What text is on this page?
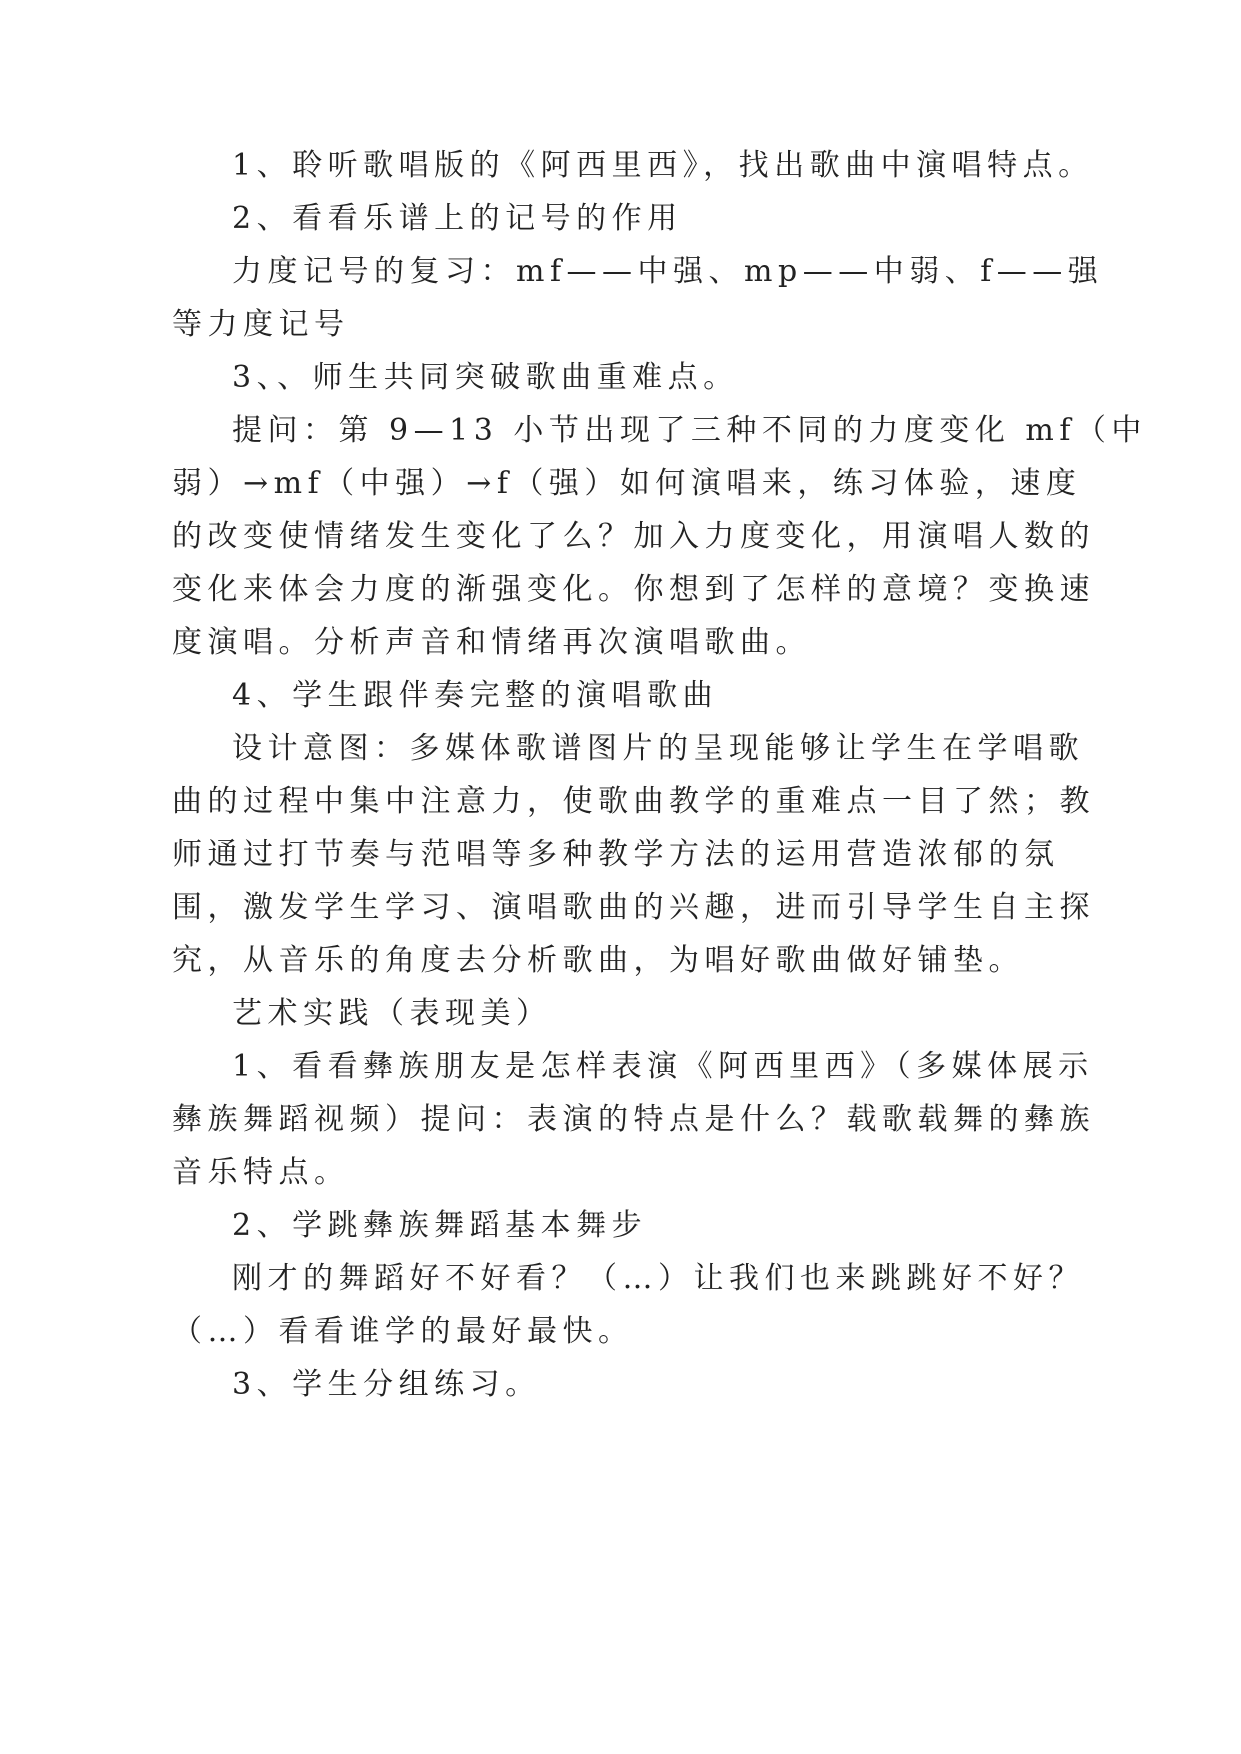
1、聆听歌唱版的《阿西里西》，找出歌曲中演唱特点。
2、看看乐谱上的记号的作用
力度记号的复习：mf——中强、mp——中弱、f——强
等力度记号
3、、师生共同突破歌曲重难点。
提问：第 9—13 小节出现了三种不同的力度变化 mf（中
弱）→mf（中强）→f（强）如何演唱来，练习体验，速度
的改变使情绪发生变化了么？加入力度变化，用演唱人数的
变化来体会力度的渐强变化。你想到了怎样的意境？变换速
度演唱。分析声音和情绪再次演唱歌曲。
4、学生跟伴奏完整的演唱歌曲
设计意图：多媒体歌谱图片的呈现能够让学生在学唱歌
曲的过程中集中注意力，使歌曲教学的重难点一目了然；教
师通过打节奏与范唱等多种教学方法的运用营造浓郁的氛
围，激发学生学习、演唱歌曲的兴趣，进而引导学生自主探
究，从音乐的角度去分析歌曲，为唱好歌曲做好铺垫。
艺术实践（表现美）
1、看看彝族朋友是怎样表演《阿西里西》（多媒体展示
彝族舞蹈视频）提问：表演的特点是什么？载歌载舞的彝族
音乐特点。
2、学跳彝族舞蹈基本舞步
刚才的舞蹈好不好看？（…）让我们也来跳跳好不好？
（…）看看谁学的最好最快。
3、学生分组练习。
